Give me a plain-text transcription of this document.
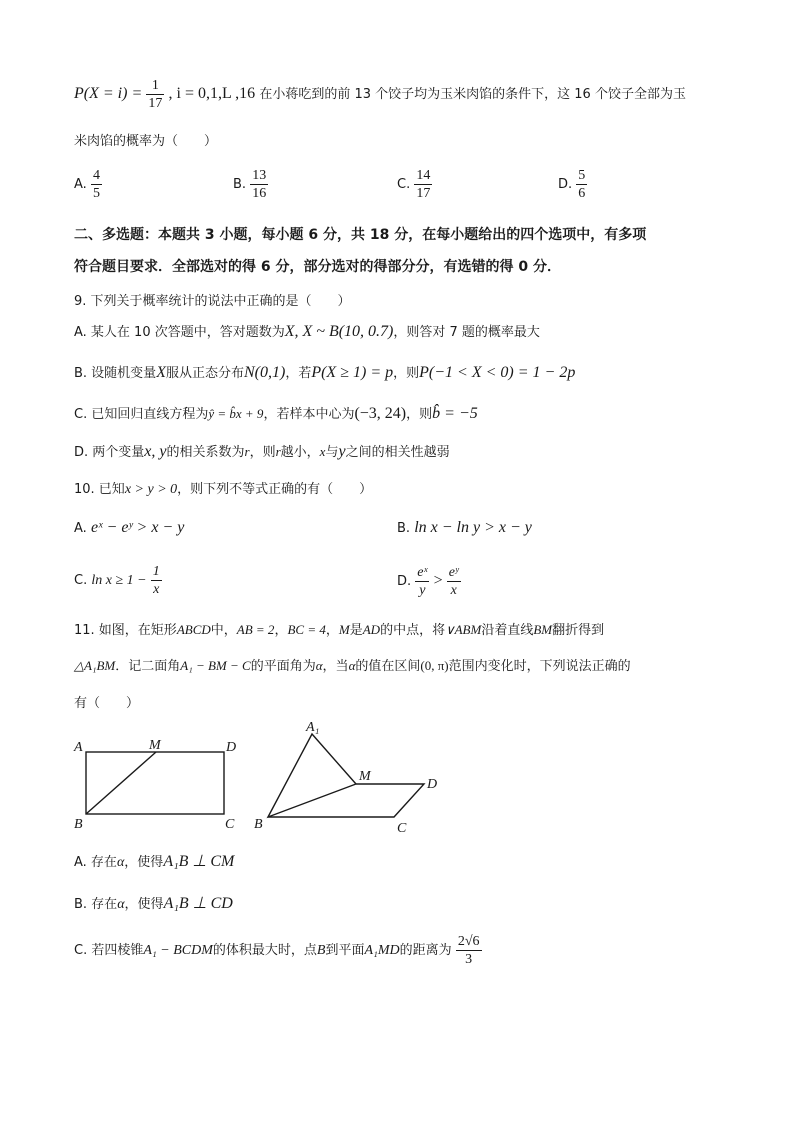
$P(X = i) = \frac{1}{17}$ , i = 0,1,L ,16 在小蒋吃到的前 13 个饺子均为玉米肉馅的条件下，这 16 个饺子全部为玉
米肉馅的概率为（　　）
A. $\frac{4}{5}$	B. $\frac{13}{16}$	C. $\frac{14}{17}$	D. $\frac{5}{6}$
二、多选题：本题共 3 小题，每小题 6 分，共 18 分，在每小题给出的四个选项中，有多项
符合题目要求．全部选对的得 6 分，部分选对的得部分分，有选错的得 0 分．
9. 下列关于概率统计的说法中正确的是（　　）
A. 某人在 10 次答题中，答对题数为X, X ~ B(10, 0.7)，则答对 7 题的概率最大
B. 设随机变量X服从正态分布N(0,1)，若P(X ≥ 1) = p，则P(−1 < X < 0) = 1 − 2p
C. 已知回归直线方程为ŷ = b̂x + 9，若样本中心为(−3, 24)，则b̂ = −5
D. 两个变量x, y的相关系数为r，则r越小，x与y之间的相关性越弱
10. 已知x > y > 0，则下列不等式正确的有（　　）
A. eˣ − eʸ > x − y	B. ln x − ln y > x − y
C. $\ln x \ge 1 - \frac{1}{x}$	D. $\frac{\text{eˣ}}{y} > \frac{\text{eʸ}}{x}$
11. 如图，在矩形ABCD中，AB = 2，BC = 4，M是AD的中点，将∨ABM沿着直线BM翻折得到
△A₁BM．记二面角A₁ − BM − C的平面角为α，当α的值在区间(0, π)范围内变化时，下列说法正确的
有（　　）
A	M	D
B	C
A₁
M
D
B	C
A. 存在α，使得A₁B ⊥ CM
B. 存在α，使得A₁B ⊥ CD
C. 若四棱锥A₁ − BCDM的体积最大时，点B到平面A₁MD的距离为 $\frac{2√6}{3}$
